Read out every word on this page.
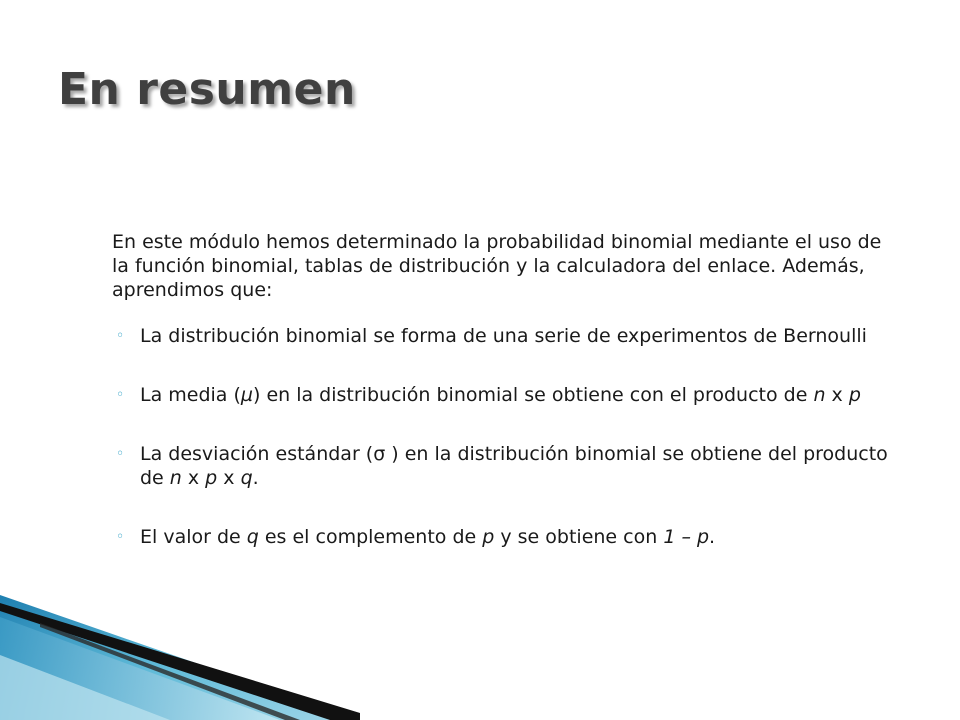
En resumen

En este módulo hemos determinado la probabilidad binomial mediante el uso de la función binomial, tablas de distribución y la calculadora del enlace. Además, aprendimos que:

◦ La distribución binomial se forma de una serie de experimentos de Bernoulli
◦ La media (µ) en la distribución binomial se obtiene con el producto de n x p
◦ La desviación estándar (σ ) en la distribución binomial se obtiene del producto de n x p x q.
◦ El valor de q es el complemento de p y se obtiene con 1 – p.
